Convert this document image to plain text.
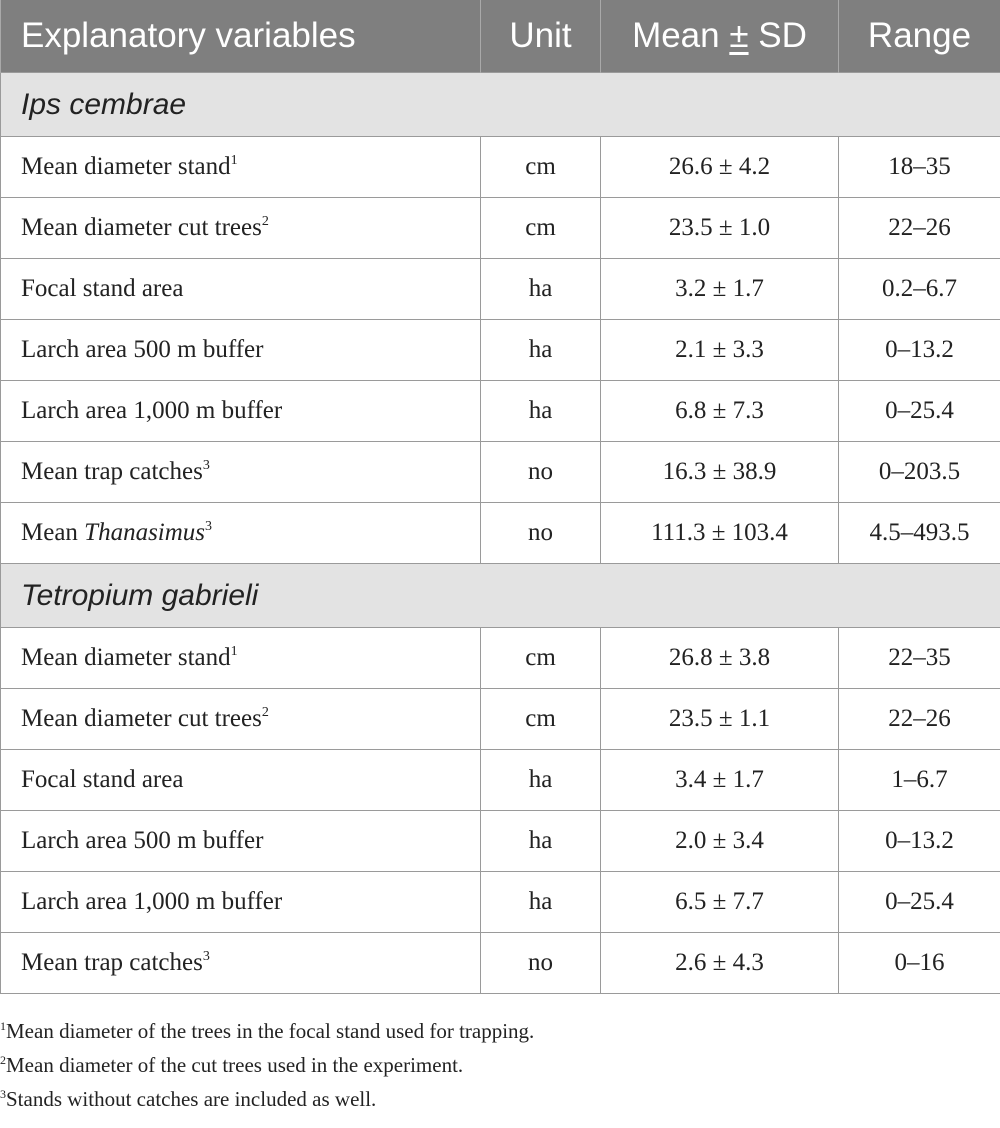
Explanatory variables	Unit	Mean ± SD	Range
Ips cembrae			
Mean diameter stand$^1$	cm	26.6 ± 4.2	18–35
Mean diameter cut trees$^2$	cm	23.5 ± 1.0	22–26
Focal stand area	ha	3.2 ± 1.7	0.2–6.7
Larch area 500 m buffer	ha	2.1 ± 3.3	0–13.2
Larch area 1,000 m buffer	ha	6.8 ± 7.3	0–25.4
Mean trap catches$^3$	no	16.3 ± 38.9	0–203.5
Mean Thanasimus$^3$	no	111.3 ± 103.4	4.5–493.5
Tetropium gabrieli			
Mean diameter stand$^1$	cm	26.8 ± 3.8	22–35
Mean diameter cut trees$^2$	cm	23.5 ± 1.1	22–26
Focal stand area	ha	3.4 ± 1.7	1–6.7
Larch area 500 m buffer	ha	2.0 ± 3.4	0–13.2
Larch area 1,000 m buffer	ha	6.5 ± 7.7	0–25.4
Mean trap catches$^3$	no	2.6 ± 4.3	0–16
$^1$Mean diameter of the trees in the focal stand used for trapping.
$^2$Mean diameter of the cut trees used in the experiment.
$^3$Stands without catches are included as well.
